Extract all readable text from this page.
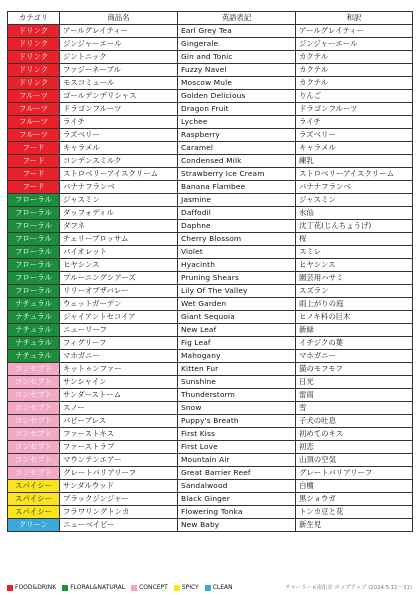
カテゴリ	商品名	英語表記	和訳
ドリンク	アールグレイティー	Earl Grey Tea	アールグレイティー
ドリンク	ジンジャーエール	Gingerale	ジンジャーエール
ドリンク	ジントニック	Gin and Tonic	カクテル
ドリンク	ファジーネーブル	Fuzzy Navel	カクテル
ドリンク	モスコミュール	Moscow Mule	カクテル
フルーツ	ゴールデンデリシャス	Golden Delicious	りんご
フルーツ	ドラゴンフルーツ	Dragon Fruit	ドラゴンフルーツ
フルーツ	ライチ	Lychee	ライチ
フルーツ	ラズベリー	Raspberry	ラズベリー
フード	キャラメル	Caramel	キャラメル
フード	コンデンスミルク	Condensed Milk	練乳
フード	ストロベリーアイスクリーム	Strawberry Ice Cream	ストロベリーアイスクリーム
フード	バナナフランベ	Banana Flambee	バナナフランベ
フローラル	ジャスミン	Jasmine	ジャスミン
フローラル	ダッフォディル	Daffodil	水仙
フローラル	ダフネ	Daphne	沈丁花(じんちょうげ)
フローラル	チェリーブロッサム	Cherry Blossom	桜
フローラル	バイオレット	Violet	スミレ
フローラル	ヒヤシンス	Hyacinth	ヒヤシンス
フローラル	プルーニングシアーズ	Pruning Shears	園芸用ハサミ
フローラル	リリーオブザバレー	Lily Of The Valley	スズラン
ナチュラル	ウェットガーデン	Wet Garden	雨上がりの庭
ナチュラル	ジャイアントセコイア	Giant Sequoia	ヒノキ科の巨木
ナチュラル	ニューリーフ	New Leaf	新緑
ナチュラル	フィグリーフ	Fig Leaf	イチジクの葉
ナチュラル	マホガニー	Mahogany	マホガニー
コンセプト	キットゥンファー	Kitten Fur	猫のモフモフ
コンセプト	サンシャイン	Sunshine	日光
コンセプト	サンダーストーム	Thunderstorm	雷雨
コンセプト	スノー	Snow	雪
コンセプト	パピーブレス	Puppy's Breath	子犬の吐息
コンセプト	ファーストキス	First Kiss	初めてのキス
コンセプト	ファーストラブ	First Love	初恋
コンセプト	マウンテンエアー	Mountain Air	山頂の空気
コンセプト	グレートバリアリーフ	Great Barrier Reef	グレートバリアリーフ
スパイシー	サンダルウッド	Sandalwood	白檀
スパイシー	ブラックジンジャー	Black Ginger	黒ショウガ
スパイシー	フラワリングトンカ	Flowering Tonka	トンカ豆と花
クリーン	ニューベイビー	New Baby	新生児
FOOD&DRINK FLORAL&NATURAL CONCEPT SPICY CLEAN	チャーリー×南佑奈 ポップアップ (2024.5.11〜31)
